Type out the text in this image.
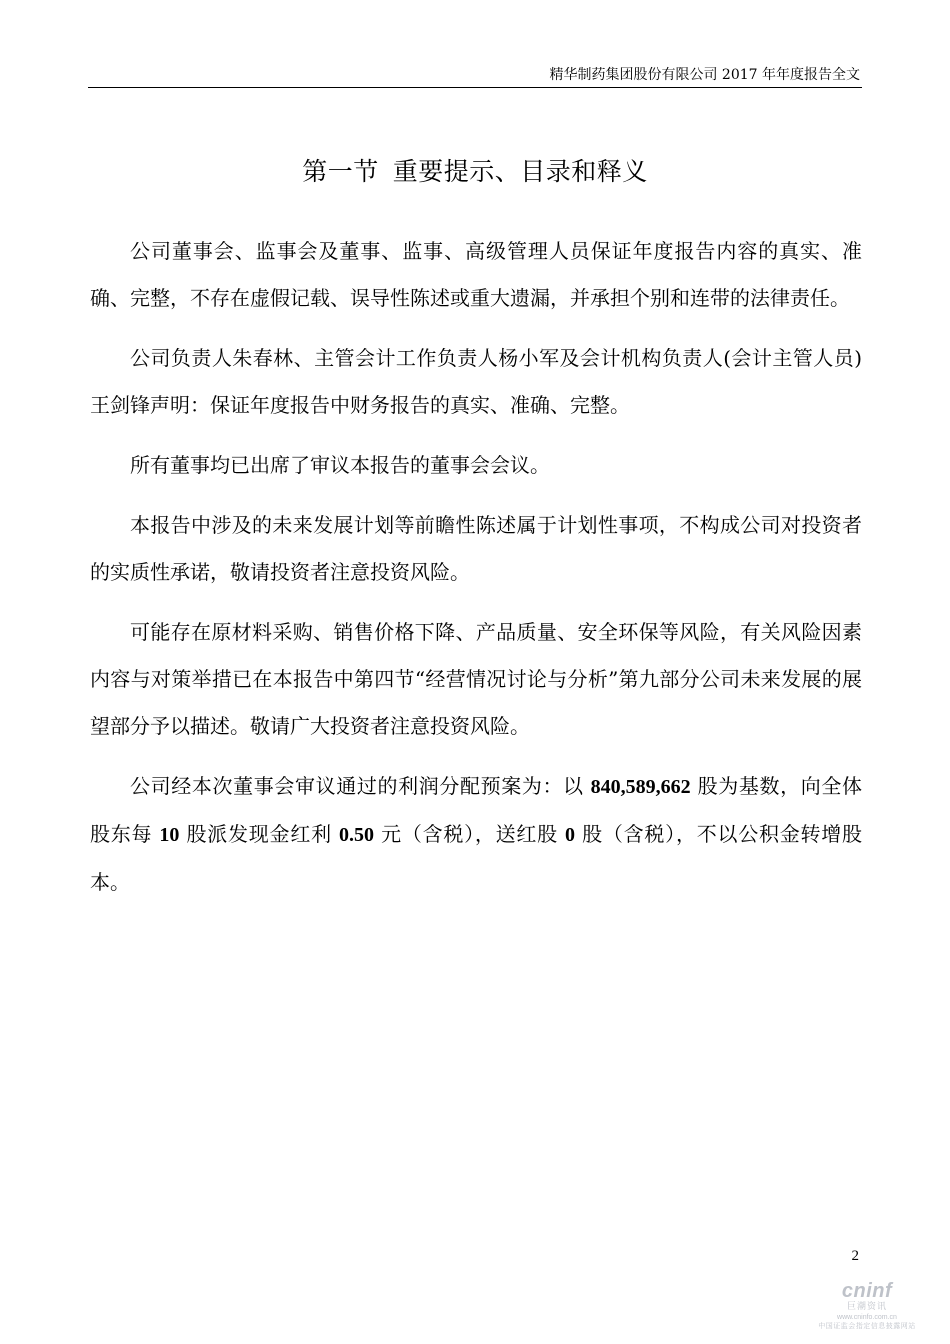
精华制药集团股份有限公司 2017 年年度报告全文
第一节 重要提示、目录和释义

公司董事会、监事会及董事、监事、高级管理人员保证年度报告内容的真实、准确、完整，不存在虚假记载、误导性陈述或重大遗漏，并承担个别和连带的法律责任。

公司负责人朱春林、主管会计工作负责人杨小军及会计机构负责人(会计主管人员)王剑锋声明：保证年度报告中财务报告的真实、准确、完整。

所有董事均已出席了审议本报告的董事会会议。

本报告中涉及的未来发展计划等前瞻性陈述属于计划性事项，不构成公司对投资者的实质性承诺，敬请投资者注意投资风险。

可能存在原材料采购、销售价格下降、产品质量、安全环保等风险，有关风险因素内容与对策举措已在本报告中第四节“经营情况讨论与分析”第九部分公司未来发展的展望部分予以描述。敬请广大投资者注意投资风险。

公司经本次董事会审议通过的利润分配预案为：以 840,589,662 股为基数，向全体股东每 10 股派发现金红利 0.50 元（含税），送红股 0 股（含税），不以公积金转增股本。

2
cninf
巨潮资讯
www.cninfo.com.cn
中国证监会指定信息披露网站
